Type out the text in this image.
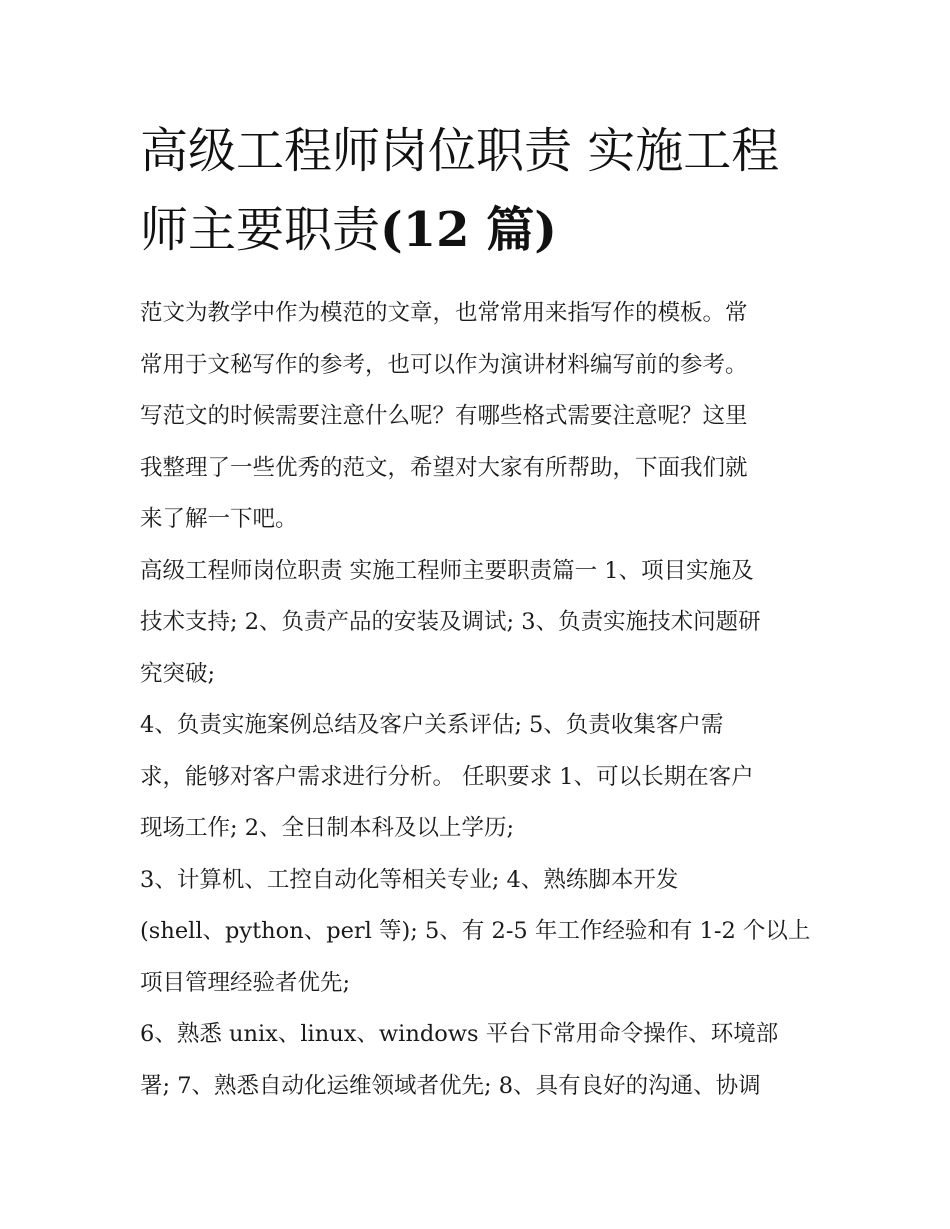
高级工程师岗位职责 实施工程
师主要职责(12 篇)

范文为教学中作为模范的文章，也常常用来指写作的模板。常
常用于文秘写作的参考，也可以作为演讲材料编写前的参考。
写范文的时候需要注意什么呢？有哪些格式需要注意呢？这里
我整理了一些优秀的范文，希望对大家有所帮助，下面我们就
来了解一下吧。

高级工程师岗位职责 实施工程师主要职责篇一 1、项目实施及
技术支持; 2、负责产品的安装及调试; 3、负责实施技术问题研
究突破;

4、负责实施案例总结及客户关系评估; 5、负责收集客户需
求，能够对客户需求进行分析。 任职要求 1、可以长期在客户
现场工作; 2、全日制本科及以上学历;

3、计算机、工控自动化等相关专业; 4、熟练脚本开发
(shell、python、perl 等); 5、有 2-5 年工作经验和有 1-2 个以上
项目管理经验者优先;

6、熟悉 unix、linux、windows 平台下常用命令操作、环境部
署; 7、熟悉自动化运维领域者优先; 8、具有良好的沟通、协调
